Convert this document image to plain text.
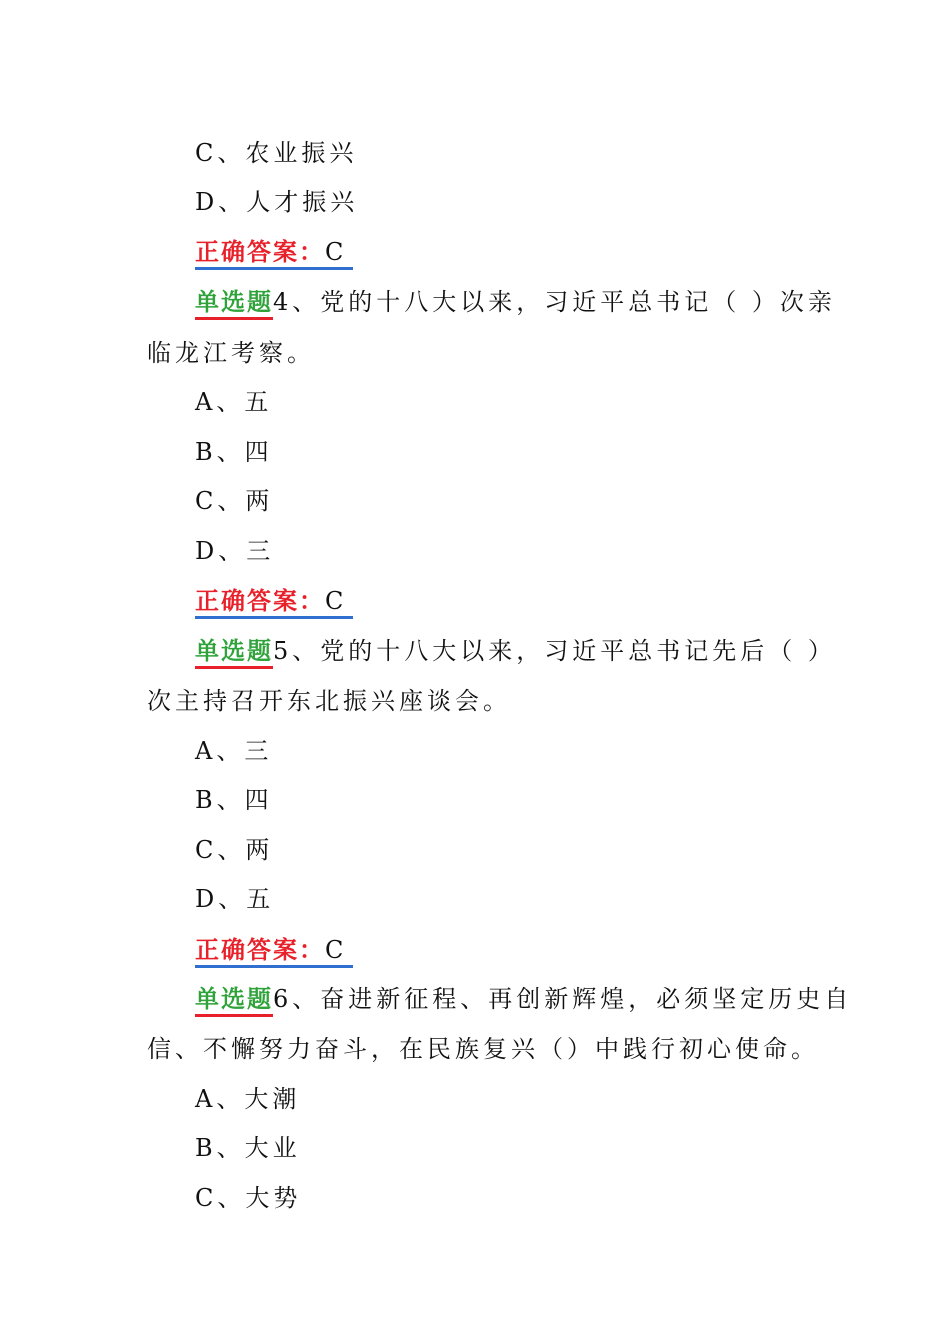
C、农业振兴
D、人才振兴
正确答案：C
单选题4、党的十八大以来，习近平总书记（ ）次亲
临龙江考察。
A、五
B、四
C、两
D、三
正确答案：C
单选题5、党的十八大以来，习近平总书记先后（ ）
次主持召开东北振兴座谈会。
A、三
B、四
C、两
D、五
正确答案：C
单选题6、奋进新征程、再创新辉煌，必须坚定历史自
信、不懈努力奋斗，在民族复兴（）中践行初心使命。
A、大潮
B、大业
C、大势
